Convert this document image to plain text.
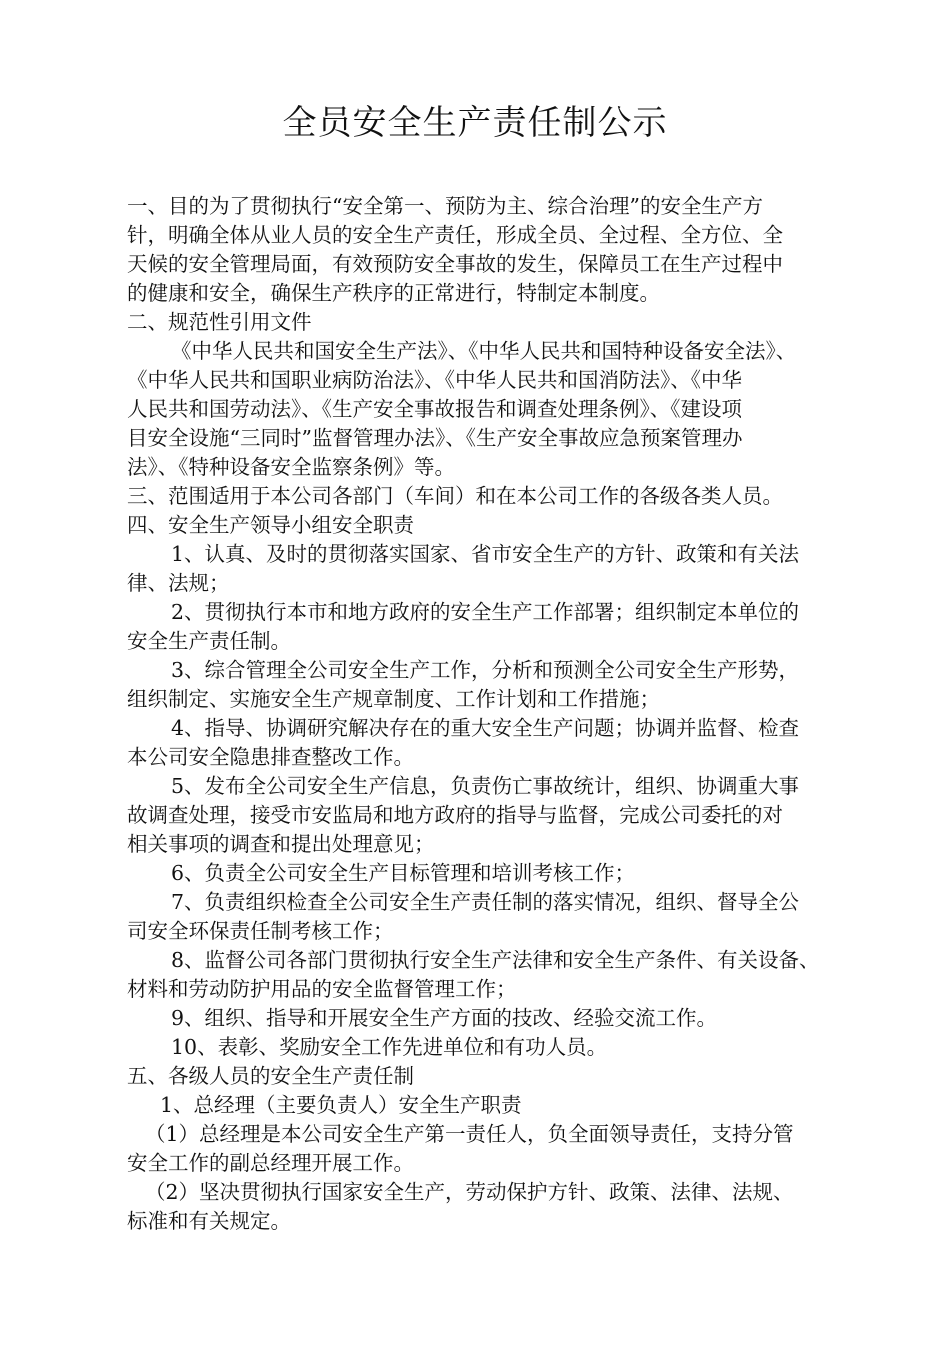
全员安全生产责任制公示
一、目的为了贯彻执行“安全第一、预防为主、综合治理”的安全生产方
针，明确全体从业人员的安全生产责任，形成全员、全过程、全方位、全
天候的安全管理局面，有效预防安全事故的发生，保障员工在生产过程中
的健康和安全，确保生产秩序的正常进行，特制定本制度。
二、规范性引用文件
《中华人民共和国安全生产法》、《中华人民共和国特种设备安全法》、
《中华人民共和国职业病防治法》、《中华人民共和国消防法》、《中华
人民共和国劳动法》、《生产安全事故报告和调查处理条例》、《建设项
目安全设施“三同时”监督管理办法》、《生产安全事故应急预案管理办
法》、《特种设备安全监察条例》等。
三、范围适用于本公司各部门（车间）和在本公司工作的各级各类人员。
四、安全生产领导小组安全职责
1、认真、及时的贯彻落实国家、省市安全生产的方针、政策和有关法
律、法规；
2、贯彻执行本市和地方政府的安全生产工作部署；组织制定本单位的
安全生产责任制。
3、综合管理全公司安全生产工作，分析和预测全公司安全生产形势，
组织制定、实施安全生产规章制度、工作计划和工作措施；
4、指导、协调研究解决存在的重大安全生产问题；协调并监督、检查
本公司安全隐患排查整改工作。
5、发布全公司安全生产信息，负责伤亡事故统计，组织、协调重大事
故调查处理，接受市安监局和地方政府的指导与监督，完成公司委托的对
相关事项的调查和提出处理意见；
6、负责全公司安全生产目标管理和培训考核工作；
7、负责组织检查全公司安全生产责任制的落实情况，组织、督导全公
司安全环保责任制考核工作；
8、监督公司各部门贯彻执行安全生产法律和安全生产条件、有关设备、
材料和劳动防护用品的安全监督管理工作；
9、组织、指导和开展安全生产方面的技改、经验交流工作。
10、表彰、奖励安全工作先进单位和有功人员。
五、各级人员的安全生产责任制
1、总经理（主要负责人）安全生产职责
（1）总经理是本公司安全生产第一责任人，负全面领导责任，支持分管
安全工作的副总经理开展工作。
（2）坚决贯彻执行国家安全生产，劳动保护方针、政策、法律、法规、
标准和有关规定。
